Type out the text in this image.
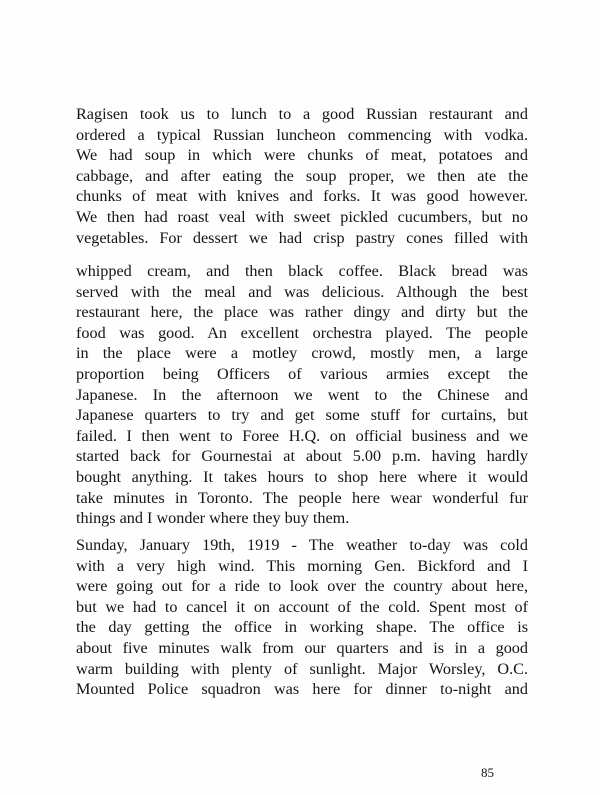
Ragisen took us to lunch to a good Russian restaurant and
ordered a typical Russian luncheon commencing with vodka.
We had soup in which were chunks of meat, potatoes and
cabbage, and after eating the soup proper, we then ate the
chunks of meat with knives and forks. It was good however.
We then had roast veal with sweet pickled cucumbers, but no
vegetables. For dessert we had crisp pastry cones filled with
whipped cream, and then black coffee. Black bread was
served with the meal and was delicious. Although the best
restaurant here, the place was rather dingy and dirty but the
food was good. An excellent orchestra played. The people
in the place were a motley crowd, mostly men, a large
proportion being Officers of various armies except the
Japanese. In the afternoon we went to the Chinese and
Japanese quarters to try and get some stuff for curtains, but
failed. I then went to Foree H.Q. on official business and we
started back for Gournestai at about 5.00 p.m. having hardly
bought anything. It takes hours to shop here where it would
take minutes in Toronto. The people here wear wonderful fur
things and I wonder where they buy them.
Sunday, January 19th, 1919 - The weather to-day was cold
with a very high wind. This morning Gen. Bickford and I
were going out for a ride to look over the country about here,
but we had to cancel it on account of the cold. Spent most of
the day getting the office in working shape. The office is
about five minutes walk from our quarters and is in a good
warm building with plenty of sunlight. Major Worsley, O.C.
Mounted Police squadron was here for dinner to-night and
85
